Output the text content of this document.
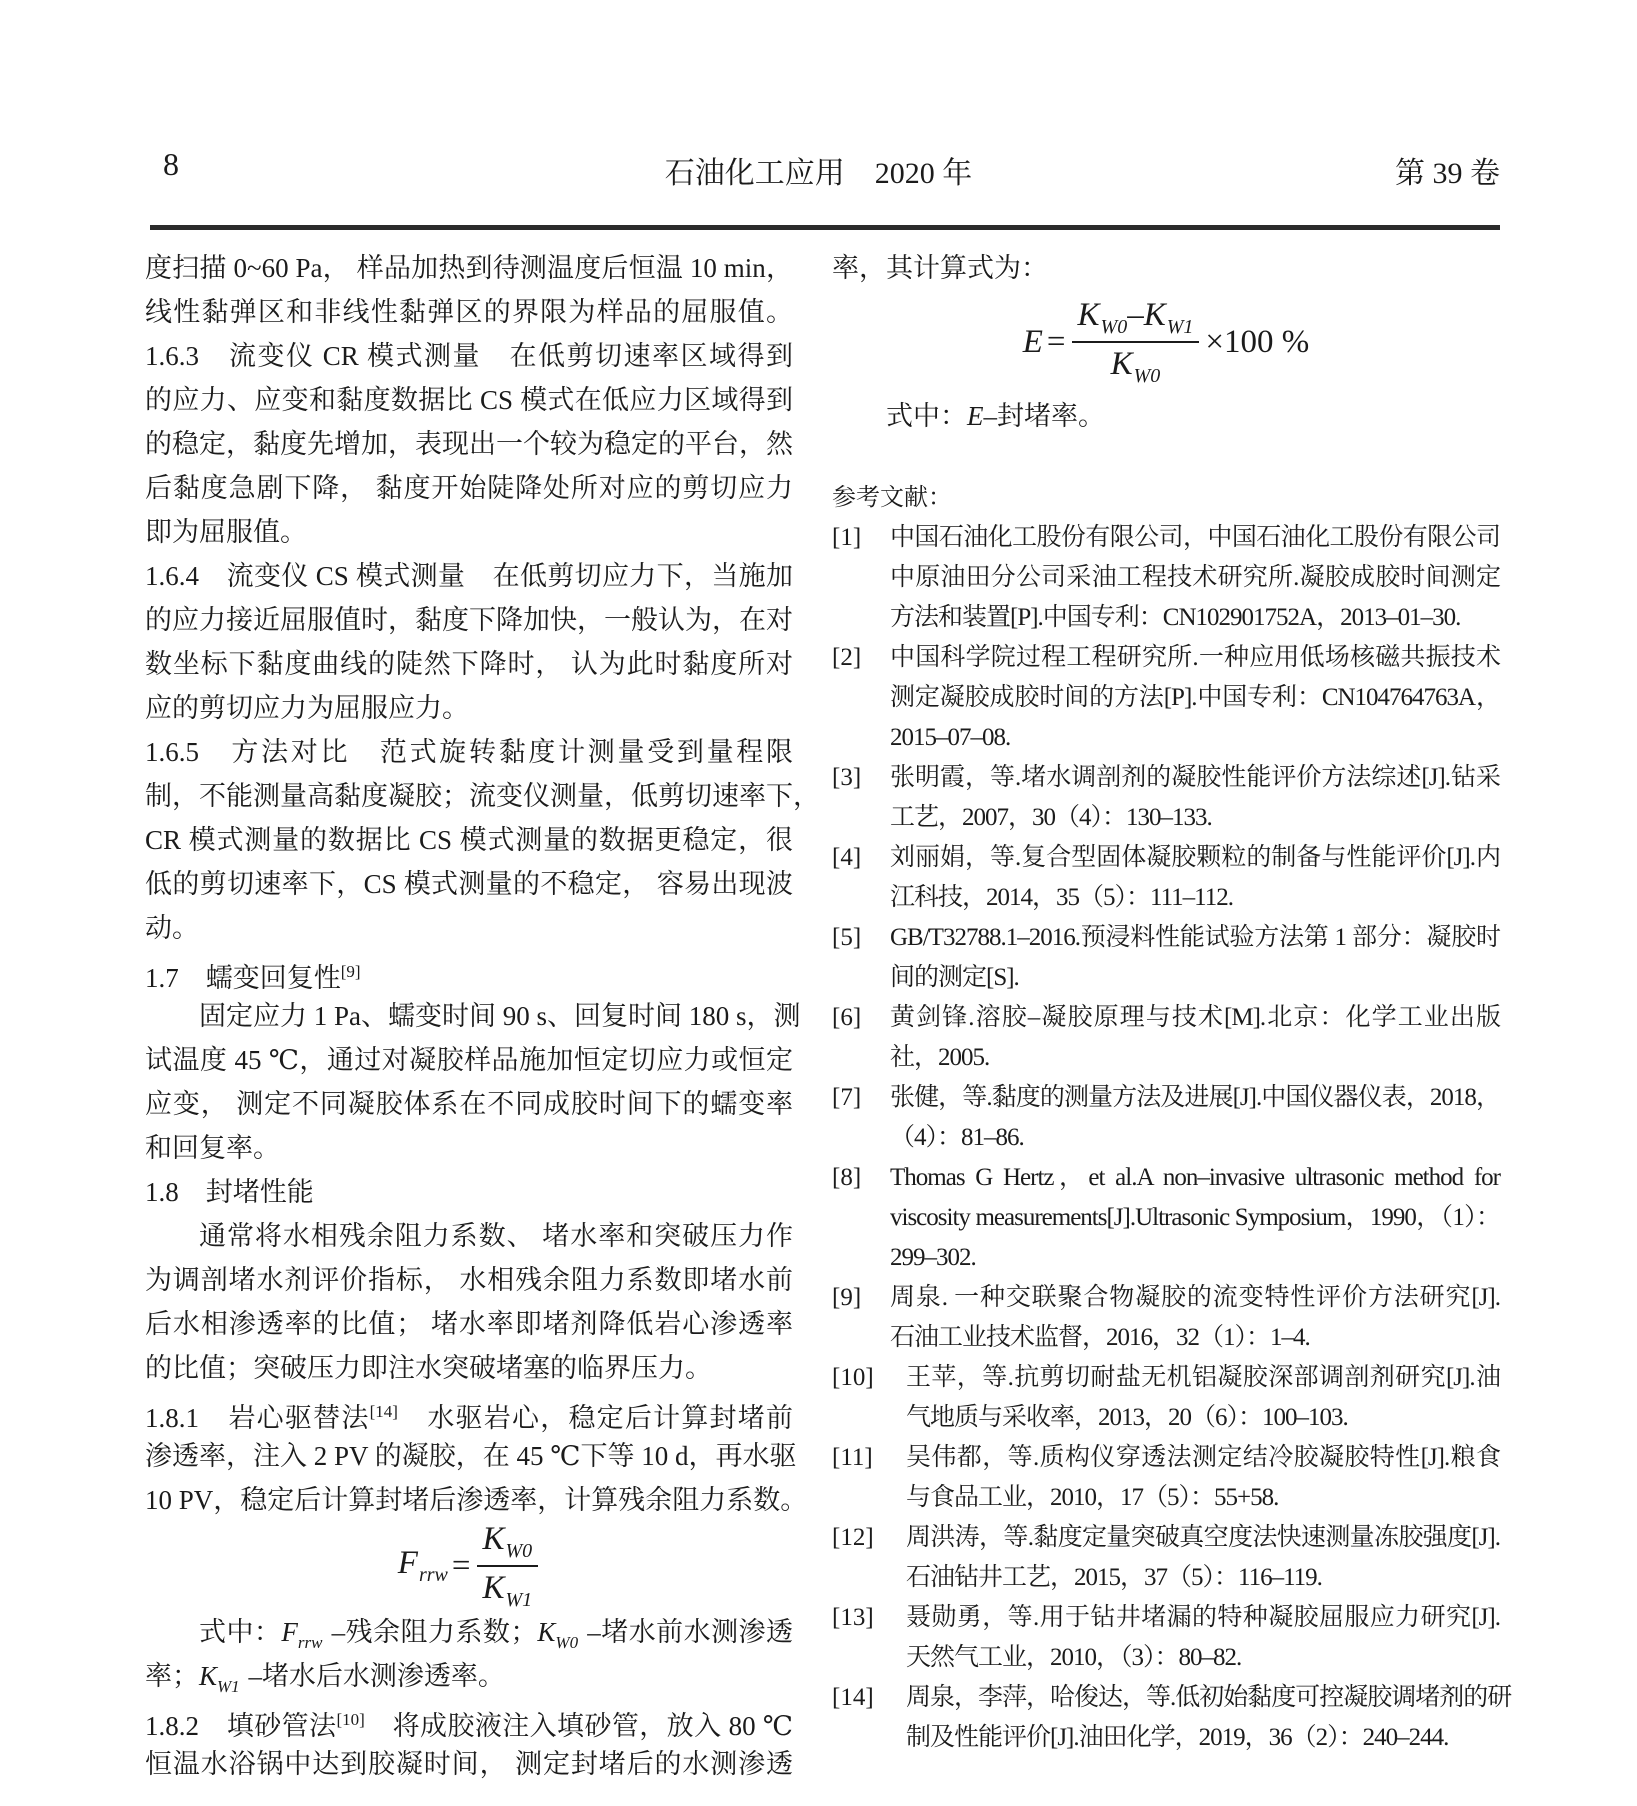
8	石油化工应用　2020 年	第 39 卷
度扫描 0~60 Pa， 样品加热到待测温度后恒温 10 min，
线性黏弹区和非线性黏弹区的界限为样品的屈服值。
1.6.3　流变仪 CR 模式测量　在低剪切速率区域得到
的应力、应变和黏度数据比 CS 模式在低应力区域得到
的稳定，黏度先增加，表现出一个较为稳定的平台，然
后黏度急剧下降， 黏度开始陡降处所对应的剪切应力
即为屈服值。
1.6.4　流变仪 CS 模式测量　在低剪切应力下，当施加
的应力接近屈服值时，黏度下降加快，一般认为，在对
数坐标下黏度曲线的陡然下降时， 认为此时黏度所对
应的剪切应力为屈服应力。
1.6.5　方法对比　范式旋转黏度计测量受到量程限
制，不能测量高黏度凝胶；流变仪测量，低剪切速率下，
CR 模式测量的数据比 CS 模式测量的数据更稳定，很
低的剪切速率下，CS 模式测量的不稳定， 容易出现波
动。
1.7　蠕变回复性[9]
固定应力 1 Pa、蠕变时间 90 s、回复时间 180 s，测
试温度 45 ℃，通过对凝胶样品施加恒定切应力或恒定
应变， 测定不同凝胶体系在不同成胶时间下的蠕变率
和回复率。
1.8　封堵性能
通常将水相残余阻力系数、 堵水率和突破压力作
为调剖堵水剂评价指标， 水相残余阻力系数即堵水前
后水相渗透率的比值； 堵水率即堵剂降低岩心渗透率
的比值；突破压力即注水突破堵塞的临界压力。
1.8.1　岩心驱替法[14]　水驱岩心，稳定后计算封堵前
渗透率，注入 2 PV 的凝胶，在 45 ℃下等 10 d，再水驱
10 PV，稳定后计算封堵后渗透率，计算残余阻力系数。
$F_{rrw} = \frac{K_{W0}}{K_{W1}}$
式中：$F_{rrw}$ –残余阻力系数；$K_{W0}$ –堵水前水测渗透
率；$K_{W1}$ –堵水后水测渗透率。
1.8.2　填砂管法[10]　将成胶液注入填砂管，放入 80 ℃
恒温水浴锅中达到胶凝时间， 测定封堵后的水测渗透
率，其计算式为：
$E = \frac{K_{W0}-K_{W1}}{K_{W0}} \times 100$ %
式中：E–封堵率。
参考文献：
[1] 中国石油化工股份有限公司，中国石油化工股份有限公司
中原油田分公司采油工程技术研究所.凝胶成胶时间测定
方法和装置[P].中国专利：CN102901752A，2013–01–30.
[2] 中国科学院过程工程研究所.一种应用低场核磁共振技术
测定凝胶成胶时间的方法[P].中国专利：CN104764763A，
2015–07–08.
[3] 张明霞，等.堵水调剖剂的凝胶性能评价方法综述[J].钻采
工艺，2007，30（4）：130–133.
[4] 刘丽娟，等.复合型固体凝胶颗粒的制备与性能评价[J].内
江科技，2014，35（5）：111–112.
[5] GB/T32788.1–2016.预浸料性能试验方法第 1 部分：凝胶时
间的测定[S].
[6] 黄剑锋.溶胶–凝胶原理与技术[M].北京：化学工业出版
社，2005.
[7] 张健，等.黏度的测量方法及进展[J].中国仪器仪表，2018，
（4）：81–86.
[8] Thomas G Hertz，et al.A non–invasive ultrasonic method for
viscosity measurements[J].Ultrasonic Symposium，1990，（1）：
299–302.
[9] 周泉. 一种交联聚合物凝胶的流变特性评价方法研究[J].
石油工业技术监督，2016，32（1）：1–4.
[10] 王苹，等.抗剪切耐盐无机铝凝胶深部调剖剂研究[J].油
气地质与采收率，2013，20（6）：100–103.
[11] 吴伟都，等.质构仪穿透法测定结冷胶凝胶特性[J].粮食
与食品工业，2010，17（5）：55+58.
[12] 周洪涛，等.黏度定量突破真空度法快速测量冻胶强度[J].
石油钻井工艺，2015，37（5）：116–119.
[13] 聂勋勇，等.用于钻井堵漏的特种凝胶屈服应力研究[J].
天然气工业，2010，（3）：80–82.
[14] 周泉，李萍，哈俊达，等.低初始黏度可控凝胶调堵剂的研
制及性能评价[J].油田化学，2019，36（2）：240–244.
